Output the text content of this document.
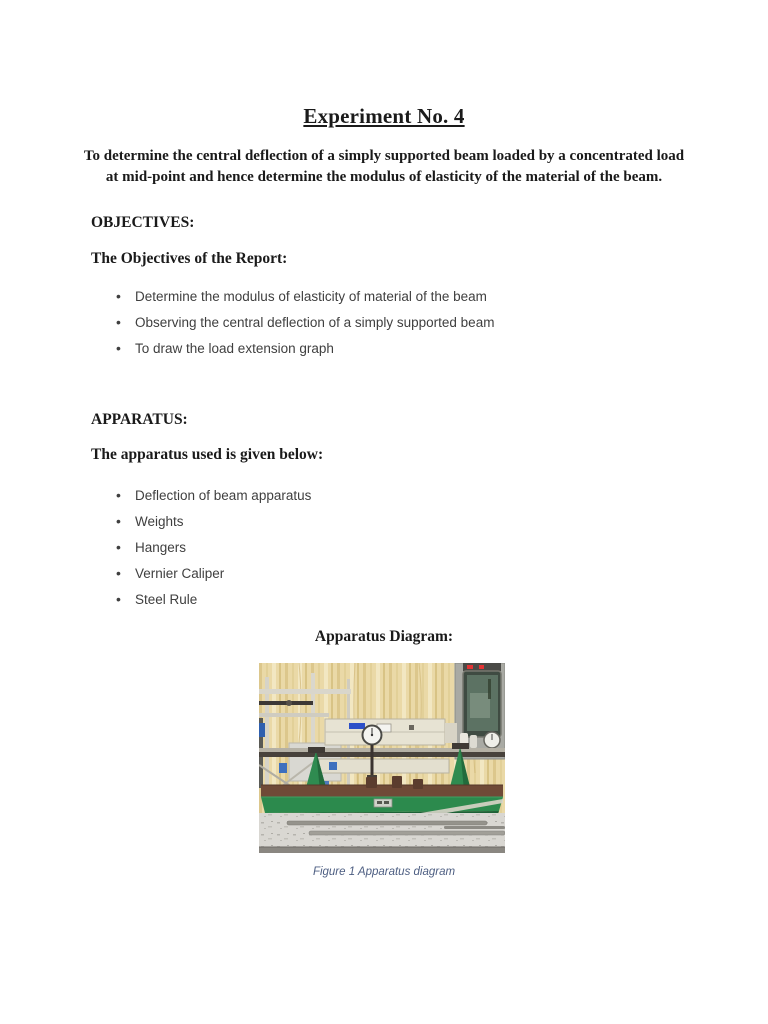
Experiment No. 4

To determine the central deflection of a simply supported beam loaded by a concentrated load at mid-point and hence determine the modulus of elasticity of the material of the beam.

OBJECTIVES:
The Objectives of the Report:
• Determine the modulus of elasticity of material of the beam
• Observing the central deflection of a simply supported beam
• To draw the load extension graph
APPARATUS:
The apparatus used is given below:
• Deflection of beam apparatus
• Weights
• Hangers
• Vernier Caliper
• Steel Rule
Apparatus Diagram:
Figure 1 Apparatus diagram
